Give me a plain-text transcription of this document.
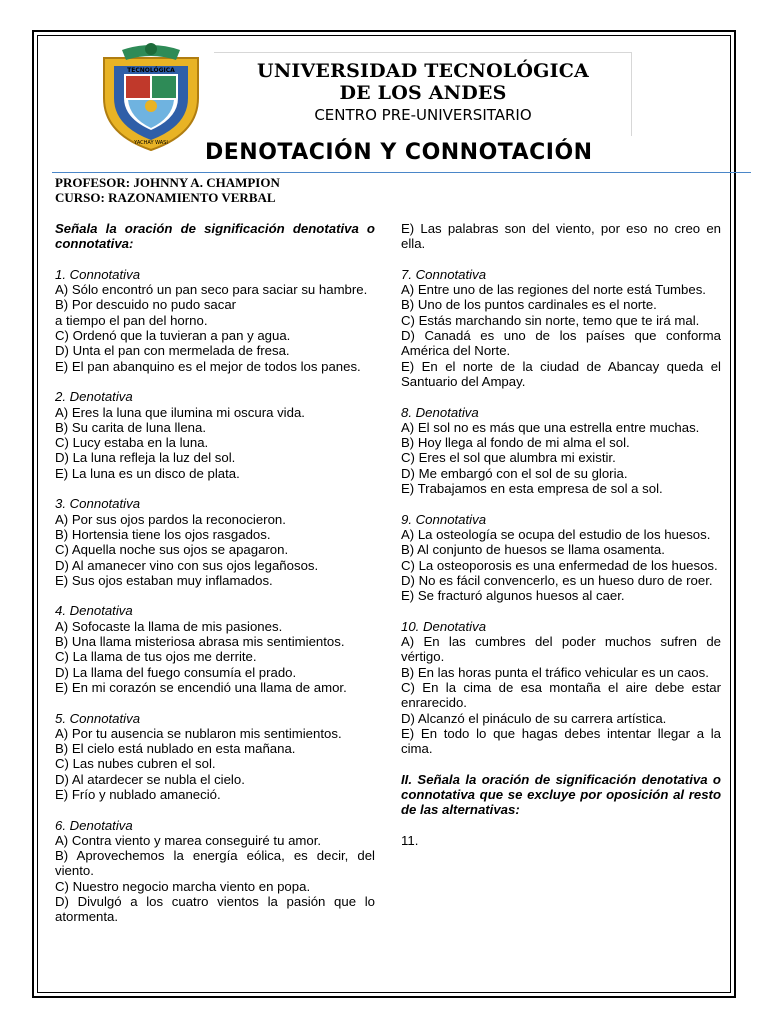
TECNOLÓGICA
YACHAY WASI
UNIVERSIDAD TECNOLÓGICA
DE LOS ANDES
CENTRO PRE-UNIVERSITARIO
DENOTACIÓN Y CONNOTACIÓN
PROFESOR: JOHNNY A. CHAMPION
CURSO: RAZONAMIENTO VERBAL

Señala la oración de significación denotativa o connotativa:

1. Connotativa

A) Sólo encontró un pan seco para saciar su hambre.

B) Por descuido no pudo sacar

a tiempo el pan del horno.

C) Ordenó que la tuvieran a pan y agua.

D) Unta el pan con mermelada de fresa.

E) El pan abanquino es el mejor de todos los panes.

2. Denotativa

A) Eres la luna que ilumina mi oscura vida.

B) Su carita de luna llena.

C) Lucy estaba en la luna.

D) La luna refleja la luz del sol.

E) La luna es un disco de plata.

3. Connotativa

A) Por sus ojos pardos la reconocieron.

B) Hortensia tiene los ojos rasgados.

C) Aquella noche sus ojos se apagaron.

D) Al amanecer vino con sus ojos legañosos.

E) Sus ojos estaban muy inflamados.

4. Denotativa

A) Sofocaste la llama de mis pasiones.

B) Una llama misteriosa abrasa mis sentimientos.

C) La llama de tus ojos me derrite.

D) La llama del fuego consumía el prado.

E) En mi corazón se encendió una llama de amor.

5. Connotativa

A) Por tu ausencia se nublaron mis sentimientos.

B) El cielo está nublado en esta mañana.

C) Las nubes cubren el sol.

D) Al atardecer se nubla el cielo.

E) Frío y nublado amaneció.

6. Denotativa

A) Contra viento y marea conseguiré tu amor.

B) Aprovechemos la energía eólica, es decir, del viento.

C) Nuestro negocio marcha viento en popa.

D) Divulgó a los cuatro vientos la pasión que lo atormenta.

E) Las palabras son del viento, por eso no creo en ella.

7. Connotativa

A) Entre uno de las regiones del norte está Tumbes.

B) Uno de los puntos cardinales es el norte.

C) Estás marchando sin norte, temo que te irá mal.

D) Canadá es uno de los países que conforma América del Norte.

E) En el norte de la ciudad de Abancay queda el Santuario del Ampay.

8. Denotativa

A) El sol no es más que una estrella entre muchas.

B) Hoy llega al fondo de mi alma el sol.

C) Eres el sol que alumbra mi existir.

D) Me embargó con el sol de su gloria.

E) Trabajamos en esta empresa de sol a sol.

9. Connotativa

A) La osteología se ocupa del estudio de los huesos.

B) Al conjunto de huesos se llama osamenta.

C) La osteoporosis es una enfermedad de los huesos.

D) No es fácil convencerlo, es un hueso duro de roer.

E) Se fracturó algunos huesos al caer.

10. Denotativa

A) En las cumbres del poder muchos sufren de vértigo.

B) En las horas punta el tráfico vehicular es un caos.

C) En la cima de esa montaña el aire debe estar enrarecido.

D) Alcanzó el pináculo de su carrera artística.

E) En todo lo que hagas debes intentar llegar a la cima.

II. Señala la oración de significación denotativa o connotativa que se excluye por oposición al resto de las alternativas:

11.
